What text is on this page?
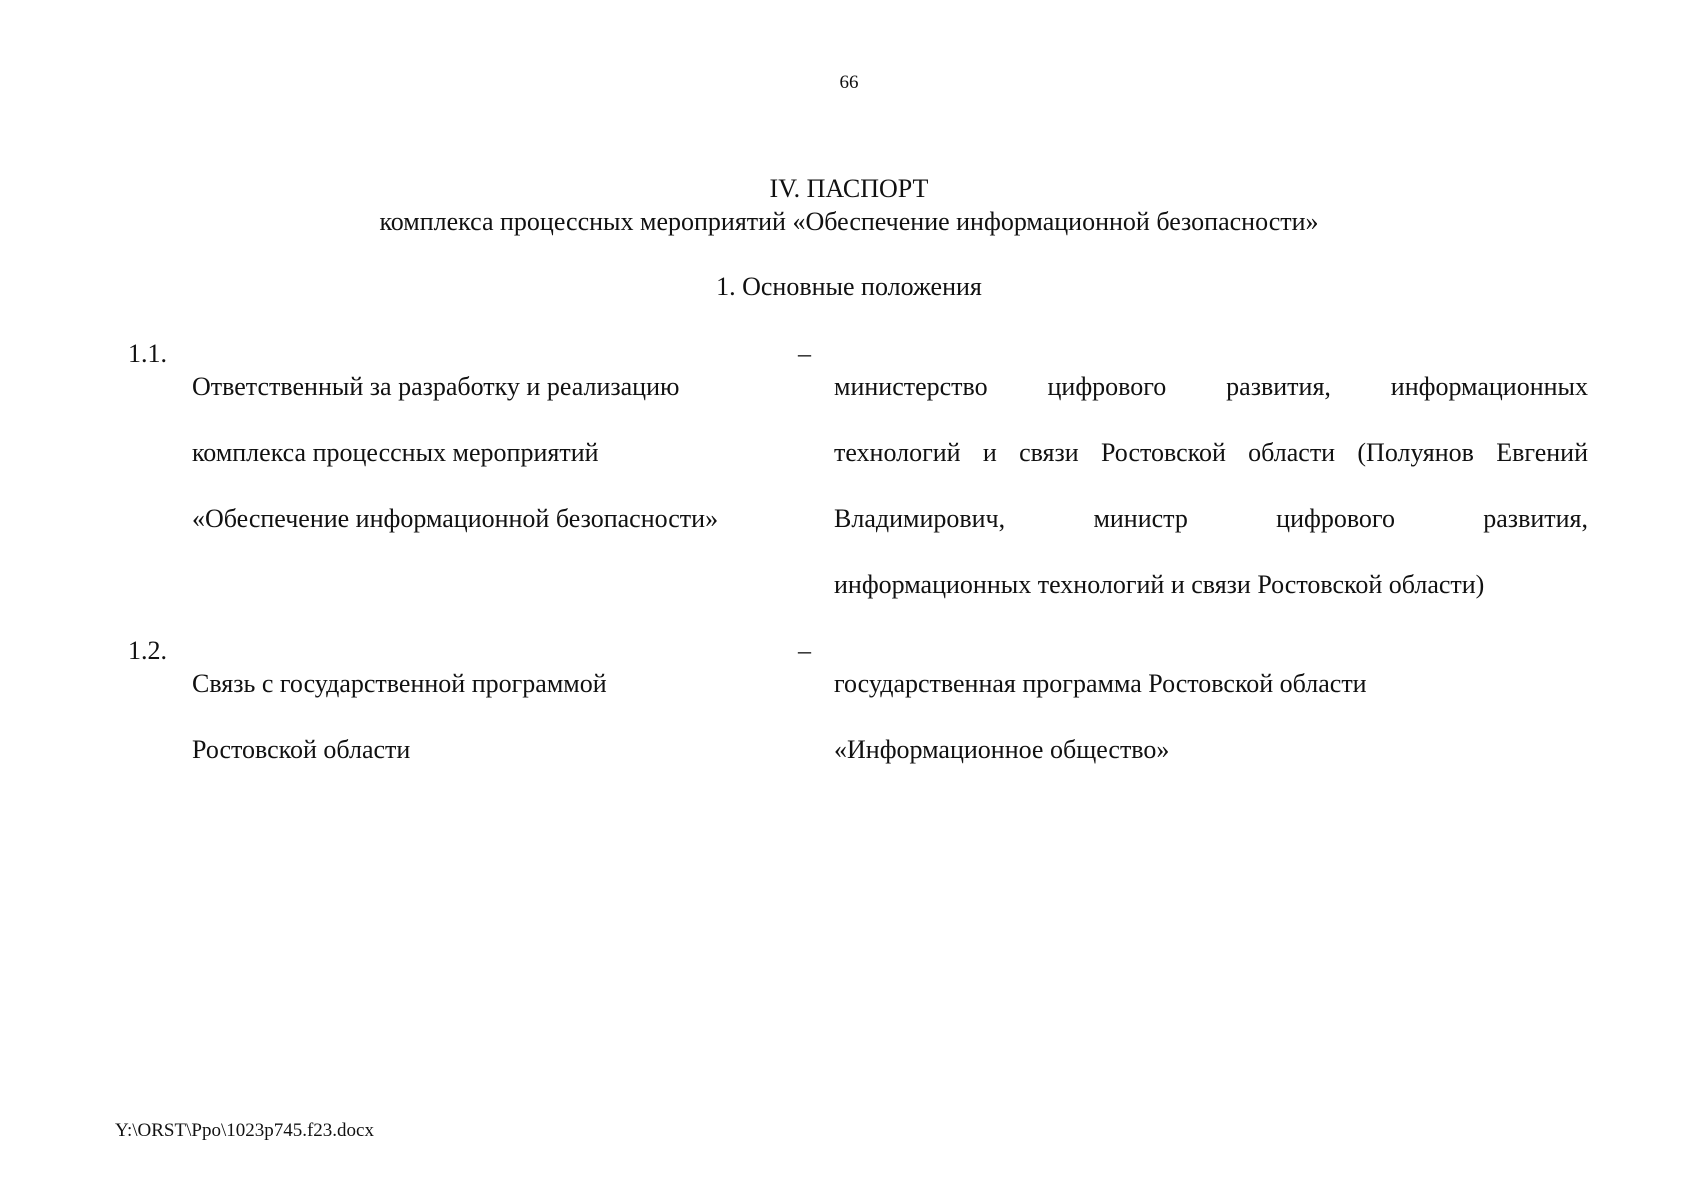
66
IV. ПАСПОРТ
комплекса процессных мероприятий «Обеспечение информационной безопасности»
1. Основные положения
1.1.

Ответственный за разработку и реализацию

комплекса процессных мероприятий

«Обеспечение информационной безопасности»

–

министерство цифрового развития, информационных

технологий и связи Ростовской области (Полуянов Евгений

Владимирович, министр цифрового развития,

информационных технологий и связи Ростовской области)

1.2.

Связь с государственной программой

Ростовской области

–

государственная программа Ростовской области

«Информационное общество»

Y:\ORST\Ppo\1023p745.f23.docx
